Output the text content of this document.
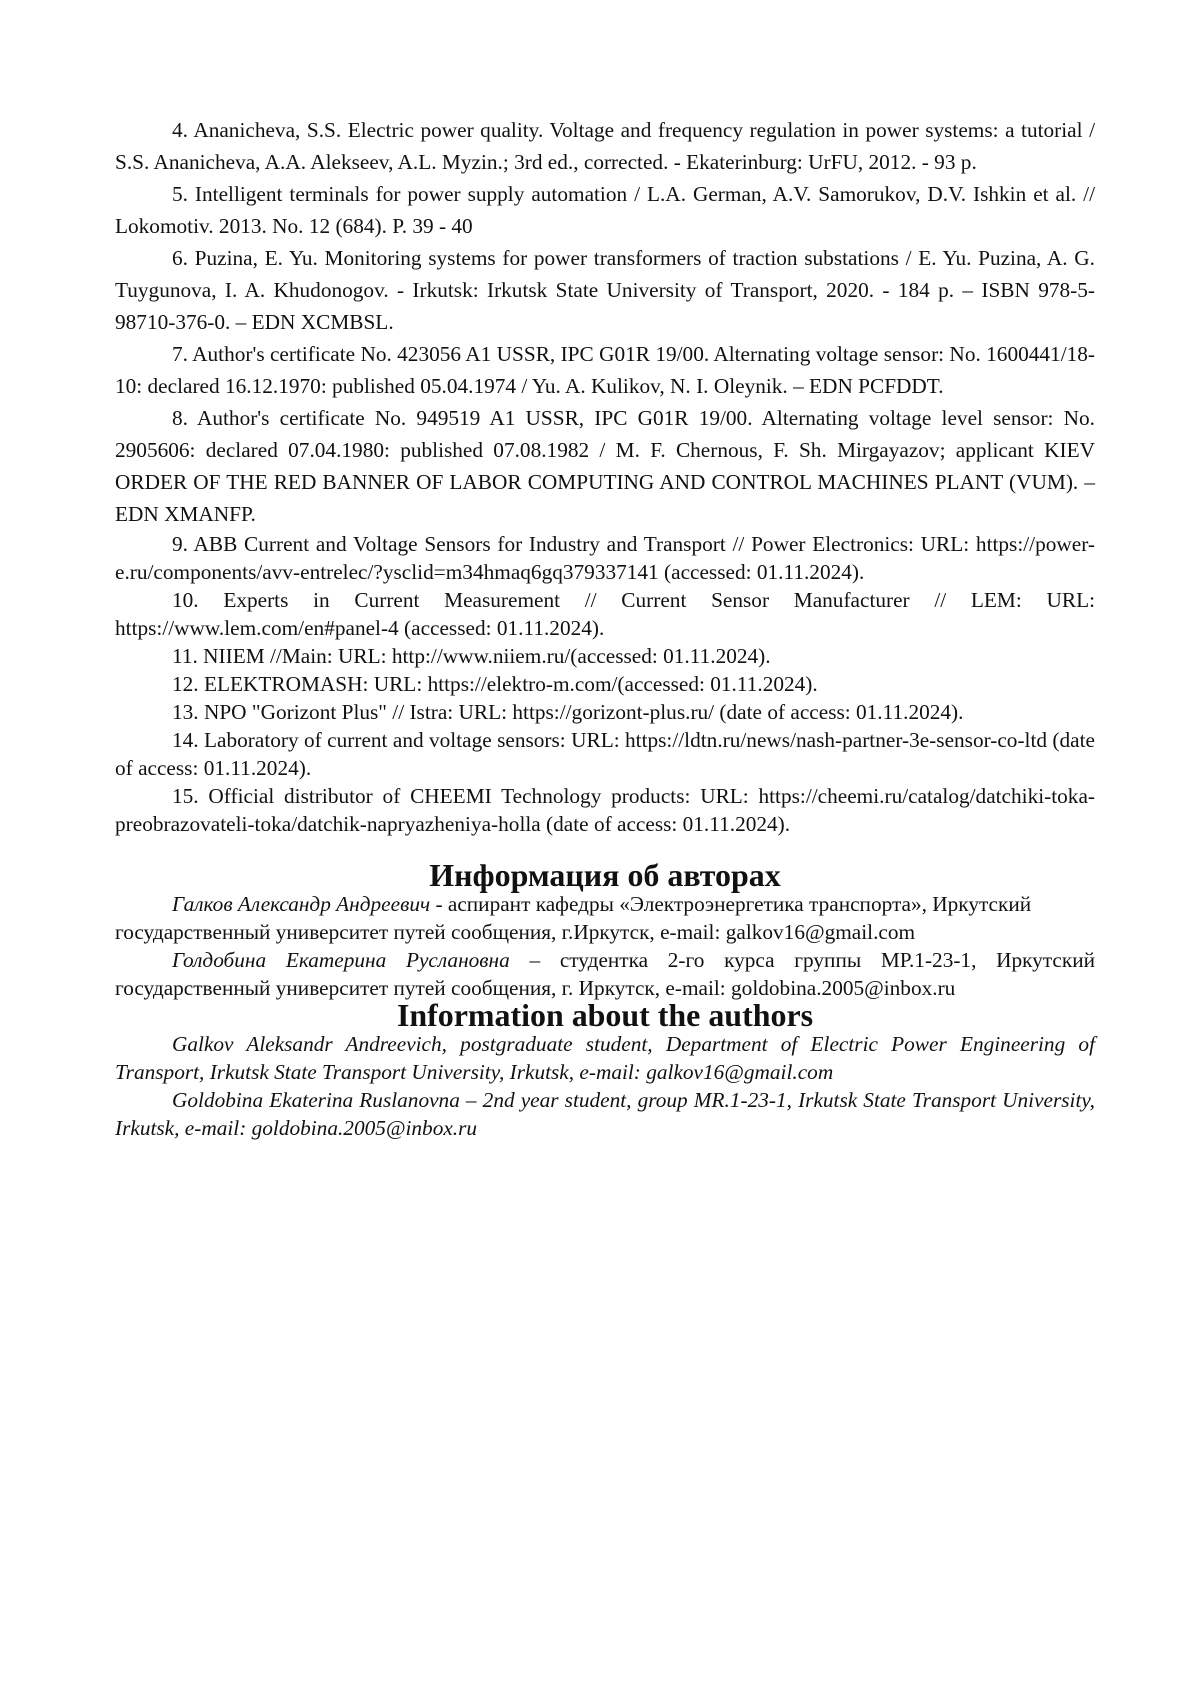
4. Ananicheva, S.S. Electric power quality. Voltage and frequency regulation in power systems: a tutorial / S.S. Ananicheva, A.A. Alekseev, A.L. Myzin.; 3rd ed., corrected. - Ekaterinburg: UrFU, 2012. - 93 p.

5. Intelligent terminals for power supply automation / L.A. German, A.V. Samorukov, D.V. Ishkin et al. // Lokomotiv. 2013. No. 12 (684). P. 39 - 40

6. Puzina, E. Yu. Monitoring systems for power transformers of traction substations / E. Yu. Puzina, A. G. Tuygunova, I. A. Khudonogov. - Irkutsk: Irkutsk State University of Transport, 2020. - 184 p. – ISBN 978-5-98710-376-0. – EDN XCMBSL.

7. Author's certificate No. 423056 A1 USSR, IPC G01R 19/00. Alternating voltage sensor: No. 1600441/18-10: declared 16.12.1970: published 05.04.1974 / Yu. A. Kulikov, N. I. Oleynik. – EDN PCFDDT.

8. Author's certificate No. 949519 A1 USSR, IPC G01R 19/00. Alternating voltage level sensor: No. 2905606: declared 07.04.1980: published 07.08.1982 / M. F. Chernous, F. Sh. Mirgayazov; applicant KIEV ORDER OF THE RED BANNER OF LABOR COMPUTING AND CONTROL MACHINES PLANT (VUM). – EDN XMANFP.

9. ABB Current and Voltage Sensors for Industry and Transport // Power Electronics: URL: https://power-e.ru/components/avv-entrelec/?ysclid=m34hmaq6gq379337141 (accessed: 01.11.2024).

10. Experts in Current Measurement // Current Sensor Manufacturer // LEM: URL: https://www.lem.com/en#panel-4 (accessed: 01.11.2024).

11. NIIEM //Main: URL: http://www.niiem.ru/(accessed: 01.11.2024).

12. ELEKTROMASH: URL: https://elektro-m.com/(accessed: 01.11.2024).

13. NPO "Gorizont Plus" // Istra: URL: https://gorizont-plus.ru/ (date of access: 01.11.2024).

14. Laboratory of current and voltage sensors: URL: https://ldtn.ru/news/nash-partner-3e-sensor-co-ltd (date of access: 01.11.2024).

15. Official distributor of CHEEMI Technology products: URL: https://cheemi.ru/catalog/datchiki-toka-preobrazovateli-toka/datchik-napryazheniya-holla (date of access: 01.11.2024).

Информация об авторах

Галков Александр Андреевич - аспирант кафедры «Электроэнергетика транспорта», Иркутский государственный университет путей сообщения, г.Иркутск, e-mail: galkov16@gmail.com

Голдобина Екатерина Руслановна – студентка 2-го курса группы МР.1-23-1, Иркутский государственный университет путей сообщения, г. Иркутск, e-mail: goldobina.2005@inbox.ru

Information about the authors

Galkov Aleksandr Andreevich, postgraduate student, Department of Electric Power Engineering of Transport, Irkutsk State Transport University, Irkutsk, e-mail: galkov16@gmail.com

Goldobina Ekaterina Ruslanovna – 2nd year student, group MR.1-23-1, Irkutsk State Transport University, Irkutsk, e-mail: goldobina.2005@inbox.ru
